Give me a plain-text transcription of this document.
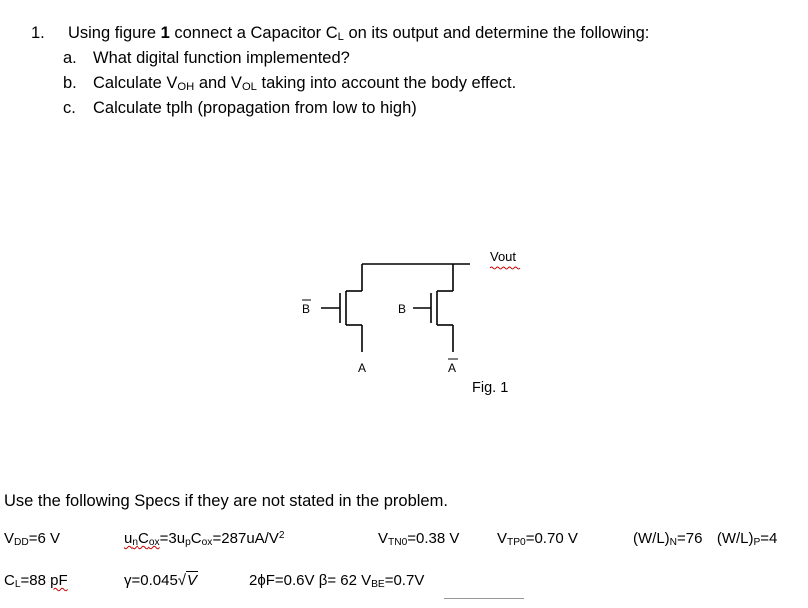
1. Using figure 1 connect a Capacitor CL on its output and determine the following:
a. What digital function implemented?
b. Calculate VOH and VOL taking into account the body effect.
c. Calculate tplh (propagation from low to high)
Vout
B	B
A	A
Fig. 1
Use the following Specs if they are not stated in the problem.
VDD=6 V	unCox=3upCox $=287uA/V^2$	VTN0=0.38 V	VTP0=0.70 V	(W/L)N=76 (W/L)P=4
CL=88 pF	γ=0.045√V	2ϕF=0.6V β= 62 VBE=0.7V
